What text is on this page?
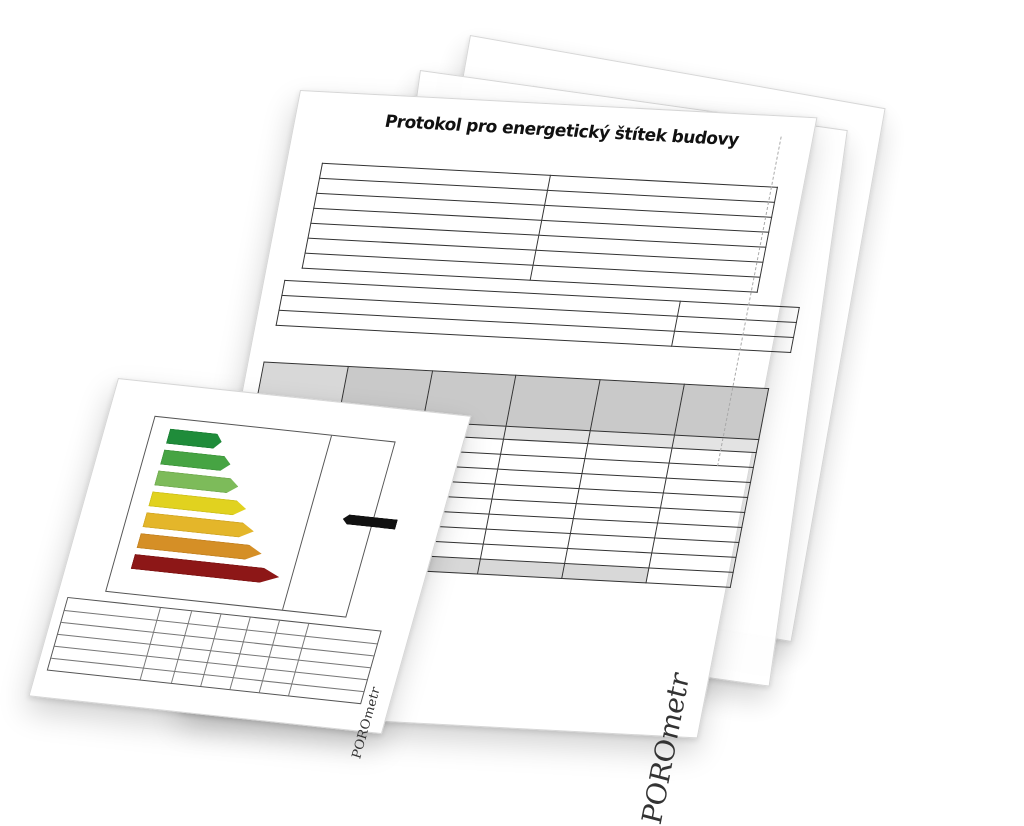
Protokol pro energetický štítek budovy

POROmetr
POROmetr
